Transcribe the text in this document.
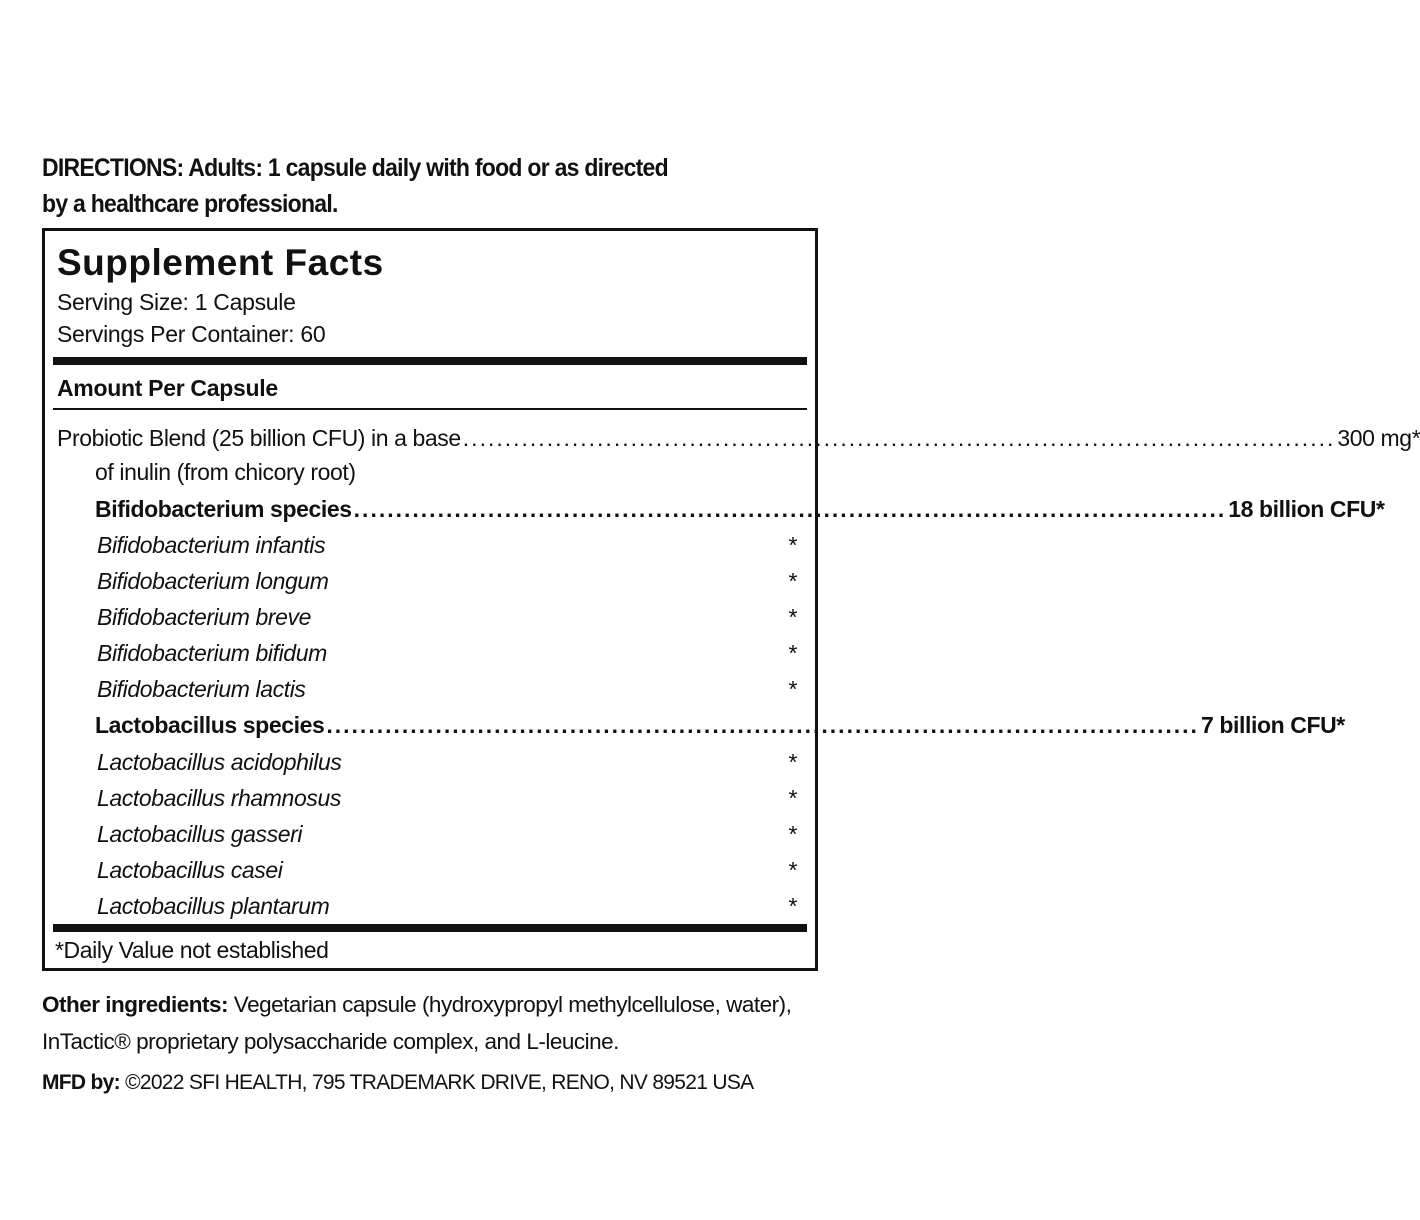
DIRECTIONS: Adults: 1 capsule daily with food or as directed
by a healthcare professional.
Supplement Facts
Serving Size: 1 Capsule
Servings Per Container: 60
Amount Per Capsule
Probiotic Blend (25 billion CFU) in a base ........................................................................................................ 300 mg*
of inulin (from chicory root)
Bifidobacterium species ........................................................................................................ 18 billion CFU*
Bifidobacterium infantis	*
Bifidobacterium longum	*
Bifidobacterium breve	*
Bifidobacterium bifidum	*
Bifidobacterium lactis	*
Lactobacillus species ........................................................................................................ 7 billion CFU*
Lactobacillus acidophilus	*
Lactobacillus rhamnosus	*
Lactobacillus gasseri	*
Lactobacillus casei	*
Lactobacillus plantarum	*
*Daily Value not established
Other ingredients: Vegetarian capsule (hydroxypropyl methylcellulose, water), InTactic® proprietary polysaccharide complex, and L-leucine.
MFD by: ©2022 SFI HEALTH, 795 TRADEMARK DRIVE, RENO, NV 89521 USA
